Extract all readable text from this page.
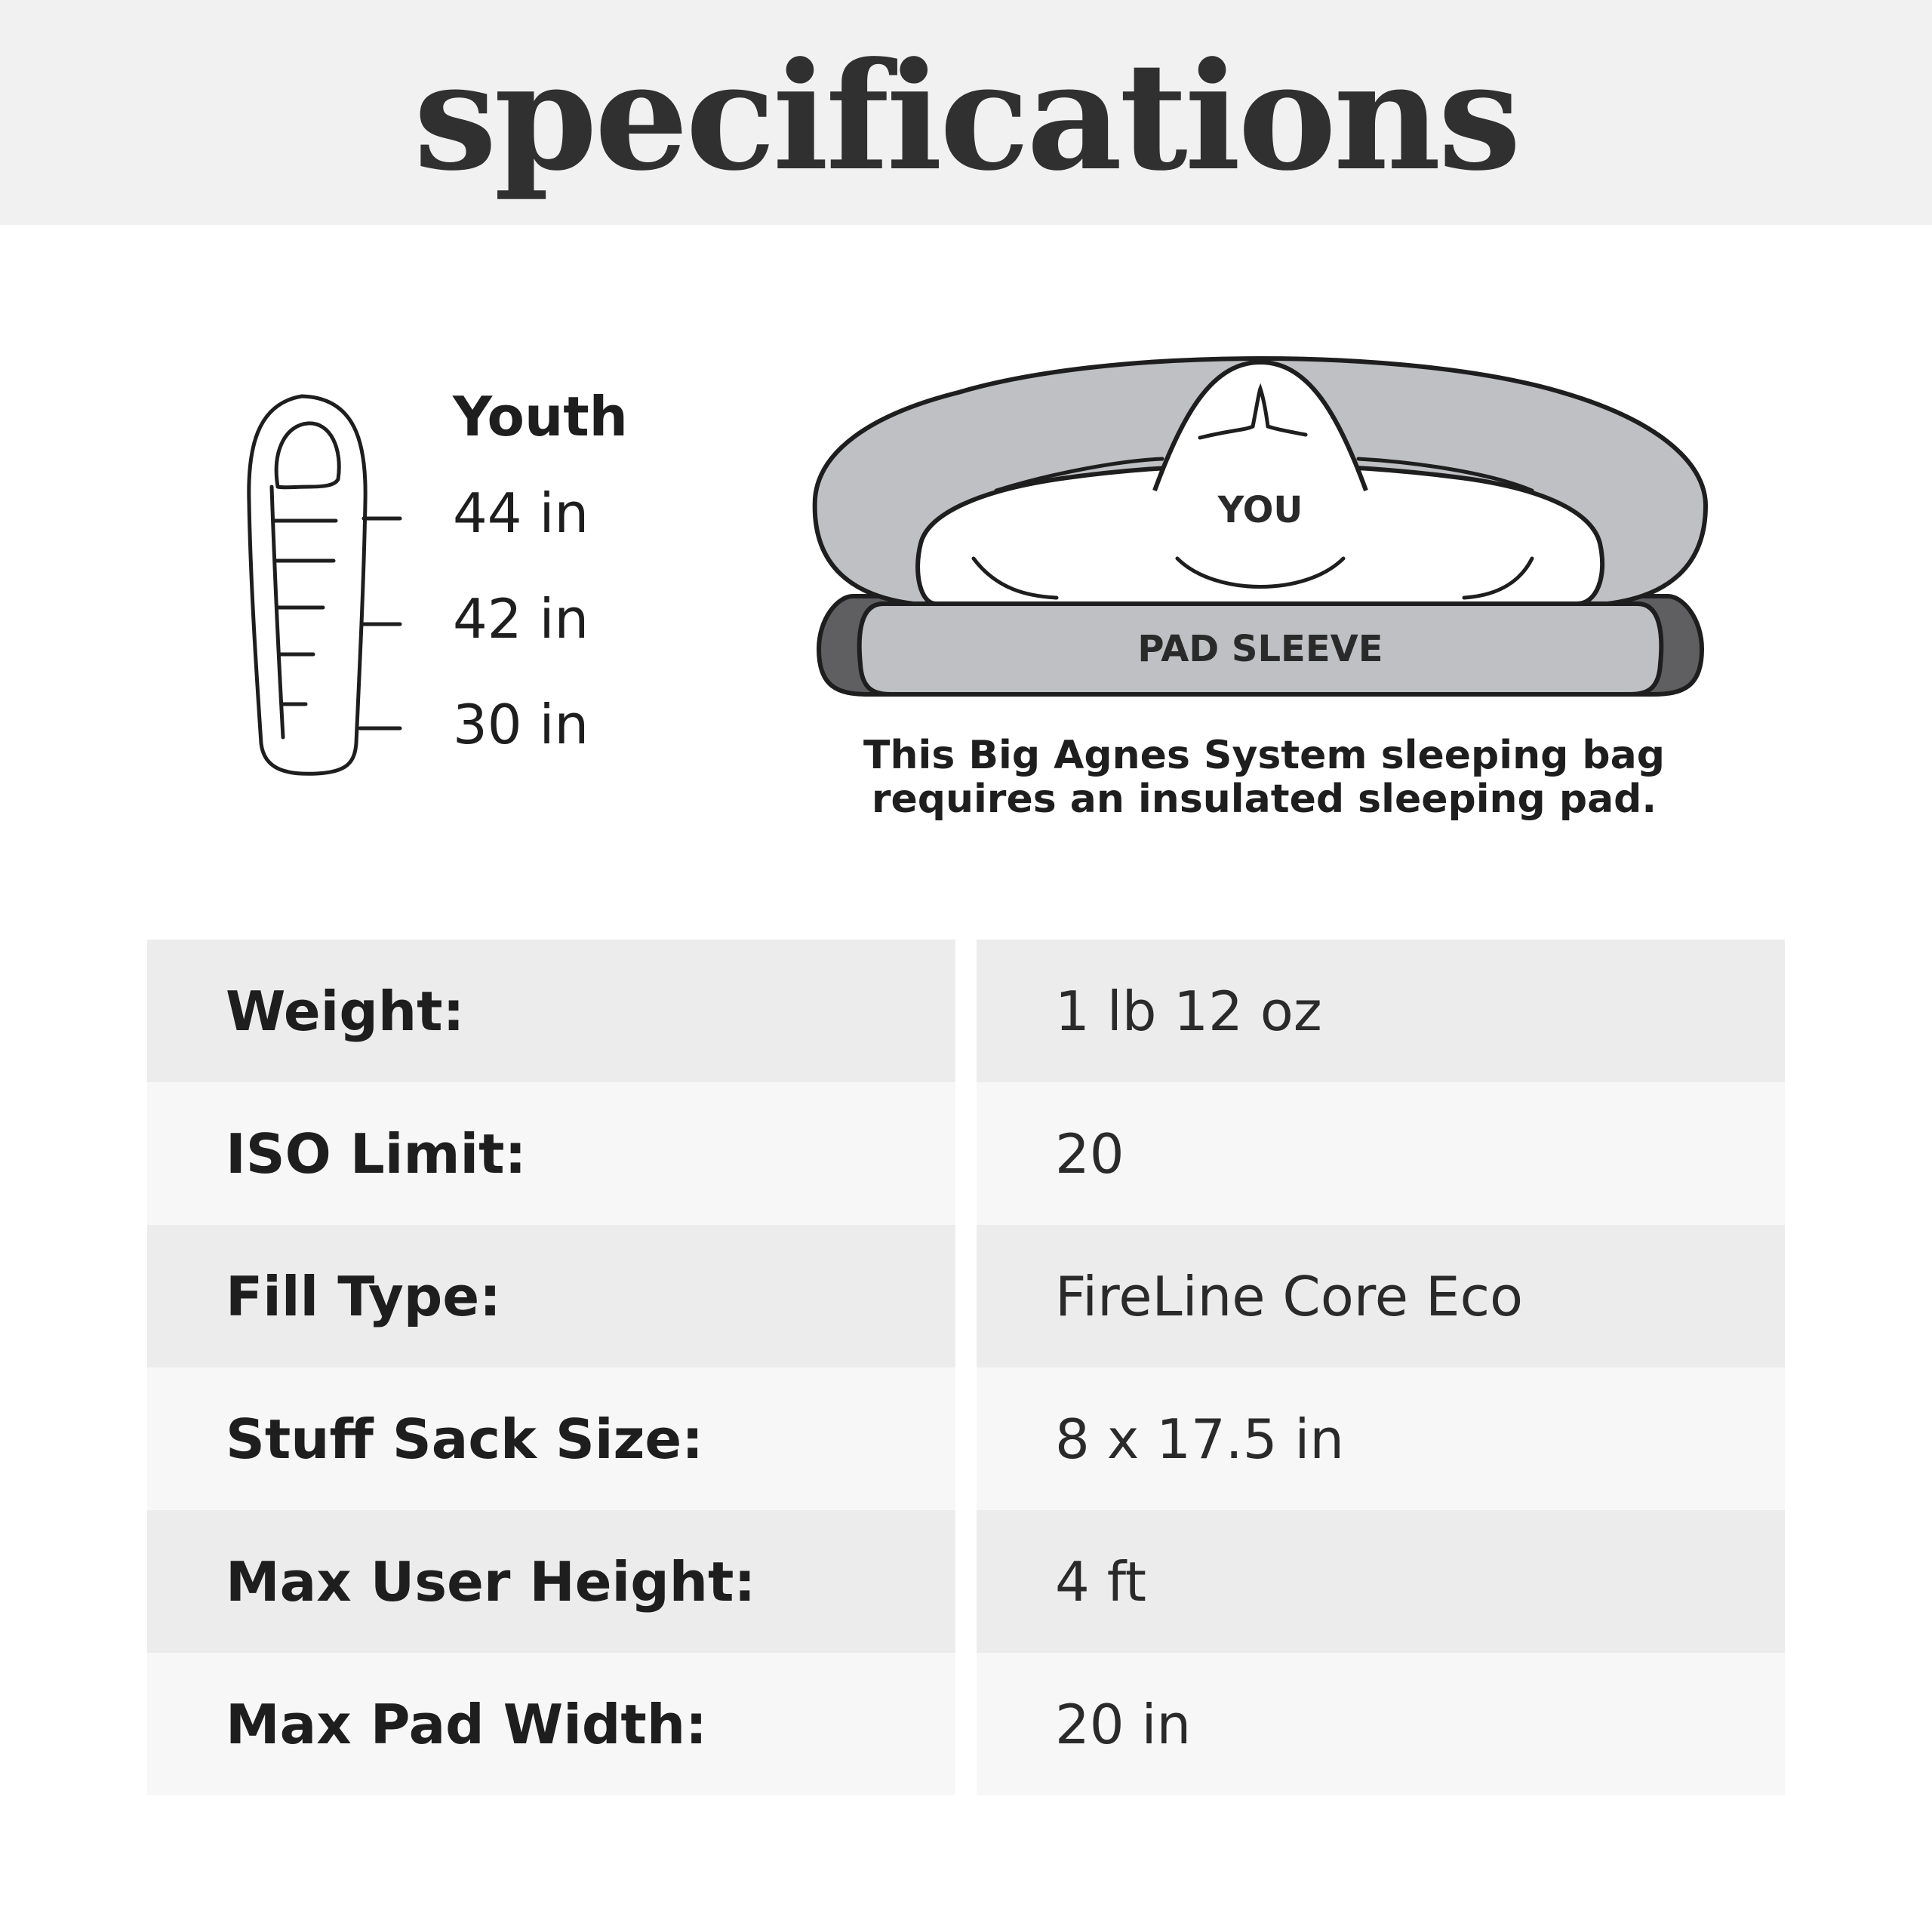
specifications
Youth
44 in
42 in
30 in
YOU
PAD SLEEVE
This Big Agnes System sleeping bag
requires an insulated sleeping pad.
Weight:	1 lb 12 oz
ISO Limit:	20
Fill Type:	FireLine Core Eco
Stuff Sack Size:	8 x 17.5 in
Max User Height:	4 ft
Max Pad Width:	20 in
